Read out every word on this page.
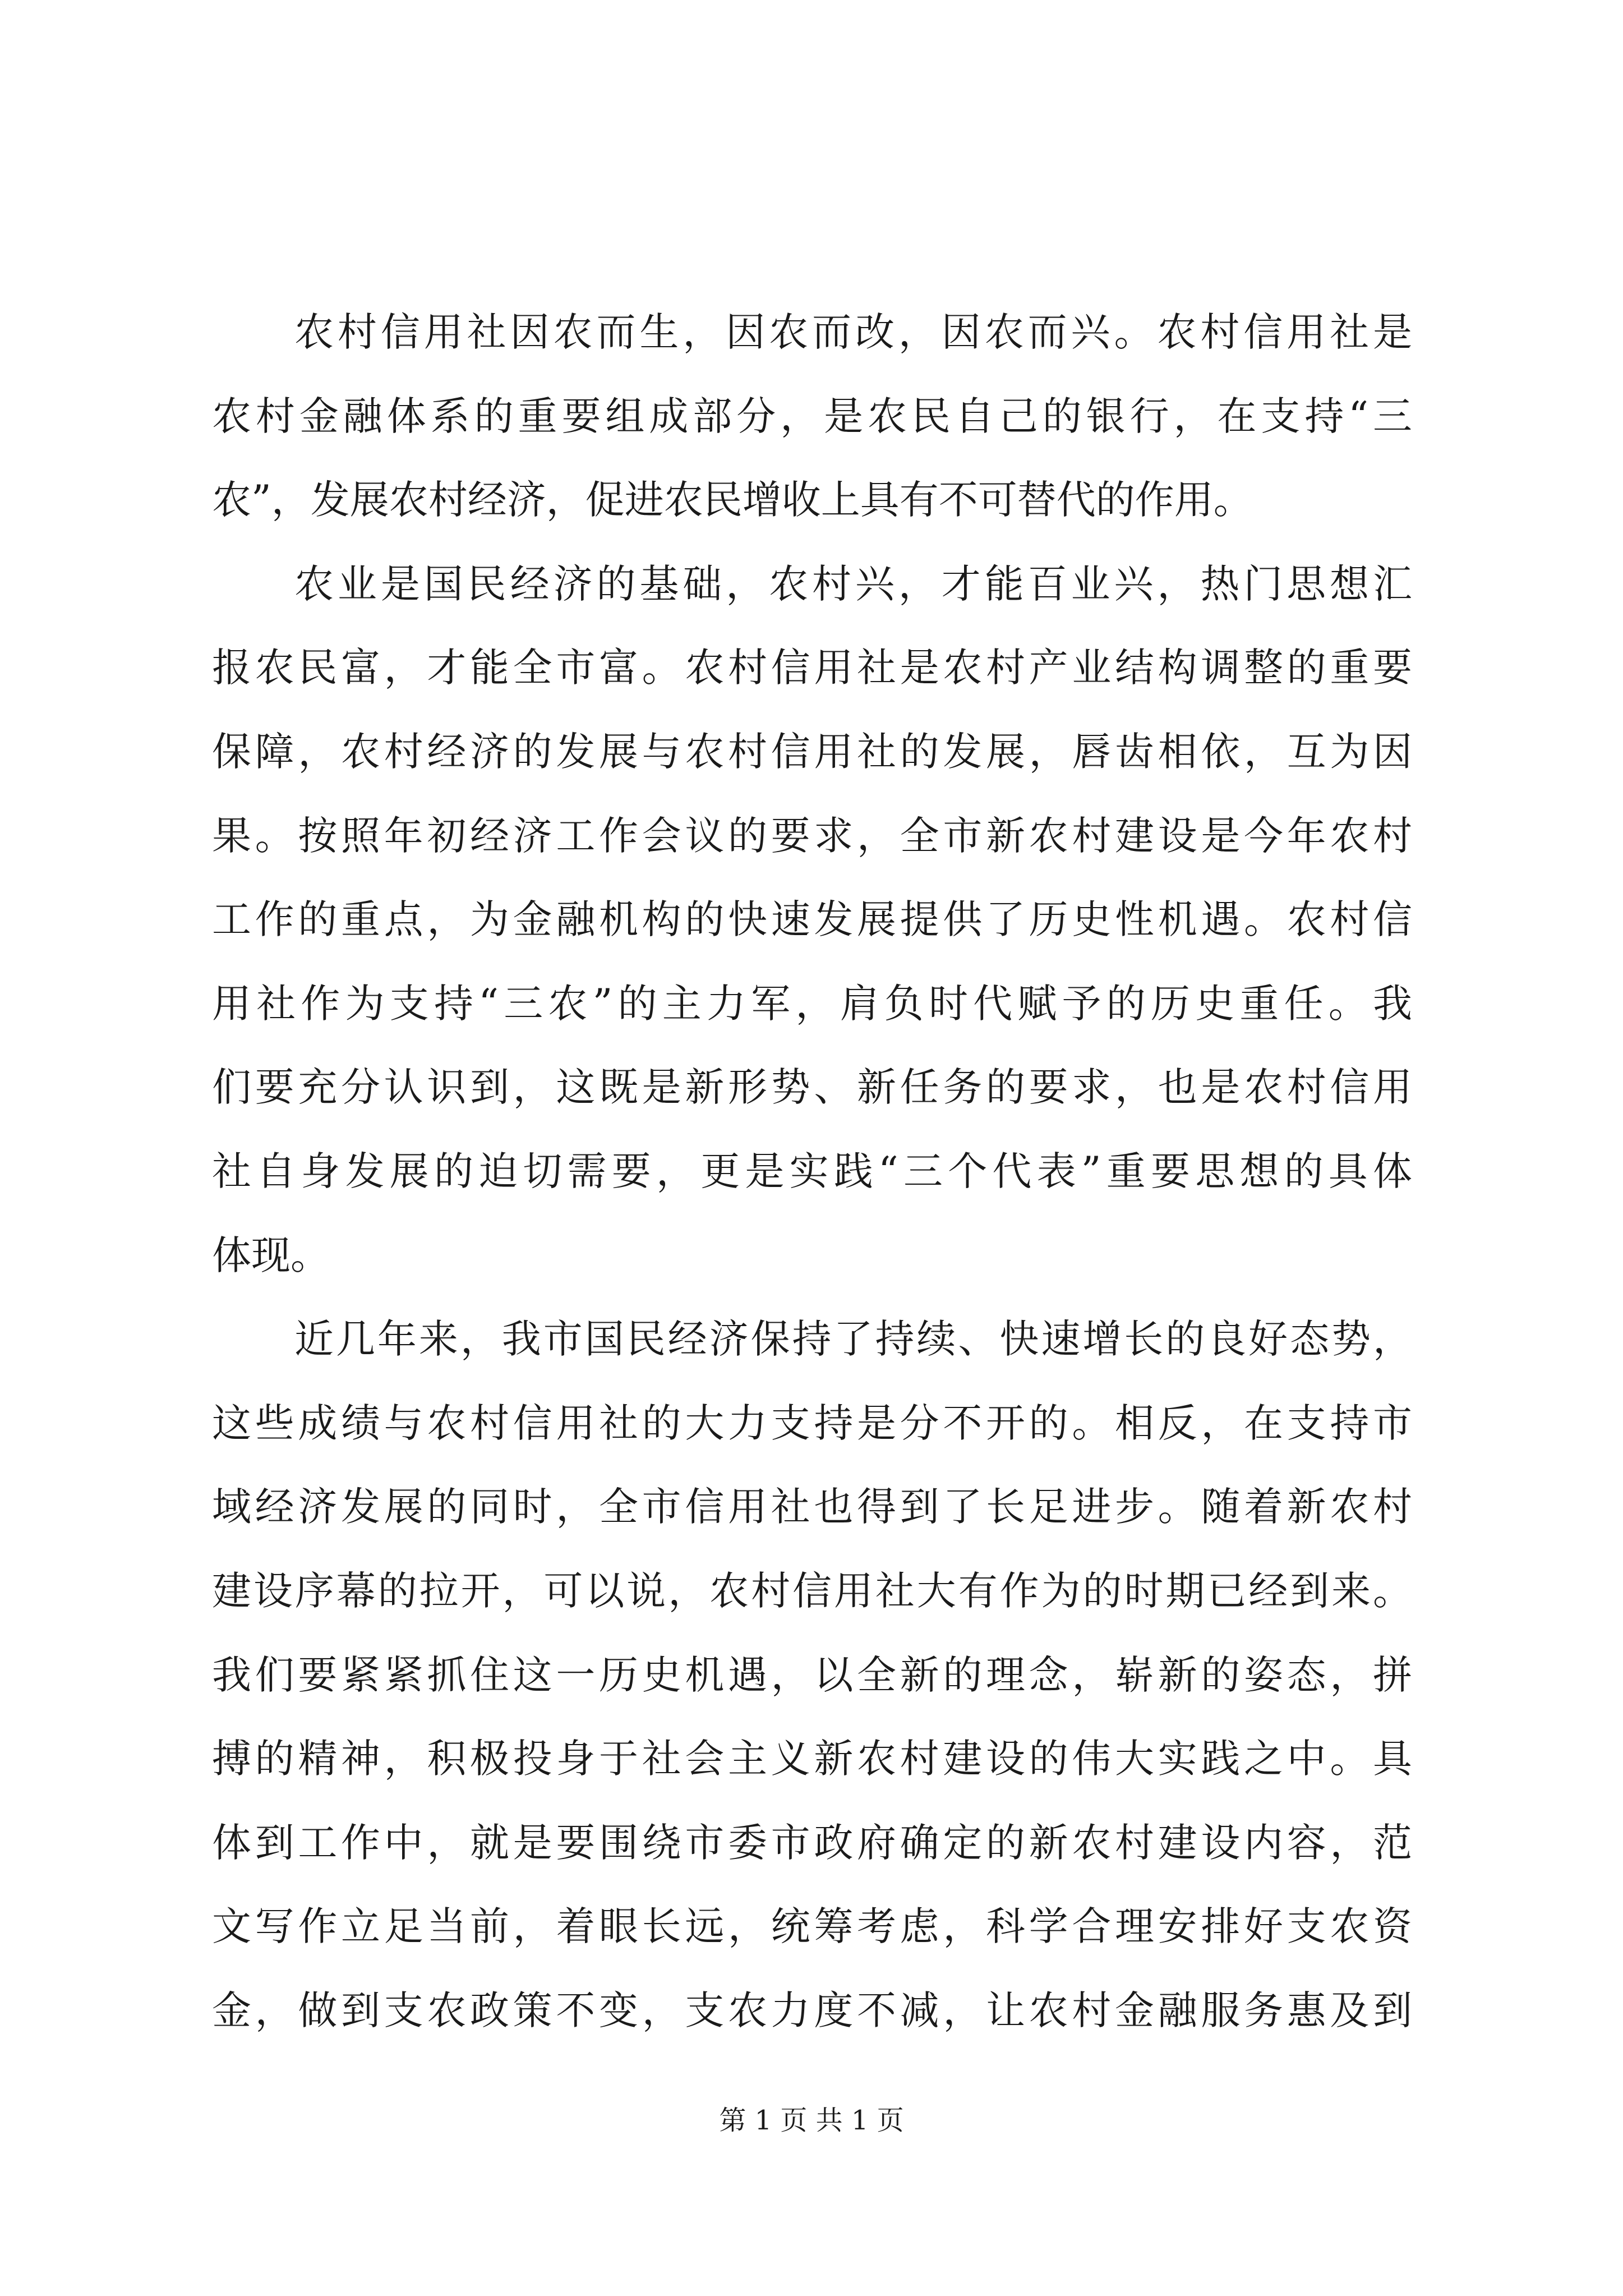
农村信用社因农而生，因农而改，因农而兴。农村信用社是
农村金融体系的重要组成部分，是农民自己的银行，在支持“三
农”，发展农村经济，促进农民增收上具有不可替代的作用。
农业是国民经济的基础，农村兴，才能百业兴，热门思想汇
报农民富，才能全市富。农村信用社是农村产业结构调整的重要
保障，农村经济的发展与农村信用社的发展，唇齿相依，互为因
果。按照年初经济工作会议的要求，全市新农村建设是今年农村
工作的重点，为金融机构的快速发展提供了历史性机遇。农村信
用社作为支持“三农”的主力军，肩负时代赋予的历史重任。我
们要充分认识到，这既是新形势、新任务的要求，也是农村信用
社自身发展的迫切需要，更是实践“三个代表”重要思想的具体
体现。
近几年来，我市国民经济保持了持续、快速增长的良好态势，
这些成绩与农村信用社的大力支持是分不开的。相反，在支持市
域经济发展的同时，全市信用社也得到了长足进步。随着新农村
建设序幕的拉开，可以说，农村信用社大有作为的时期已经到来。
我们要紧紧抓住这一历史机遇，以全新的理念，崭新的姿态，拼
搏的精神，积极投身于社会主义新农村建设的伟大实践之中。具
体到工作中，就是要围绕市委市政府确定的新农村建设内容，范
文写作立足当前，着眼长远，统筹考虑，科学合理安排好支农资
金，做到支农政策不变，支农力度不减，让农村金融服务惠及到
第 1 页 共 1 页
